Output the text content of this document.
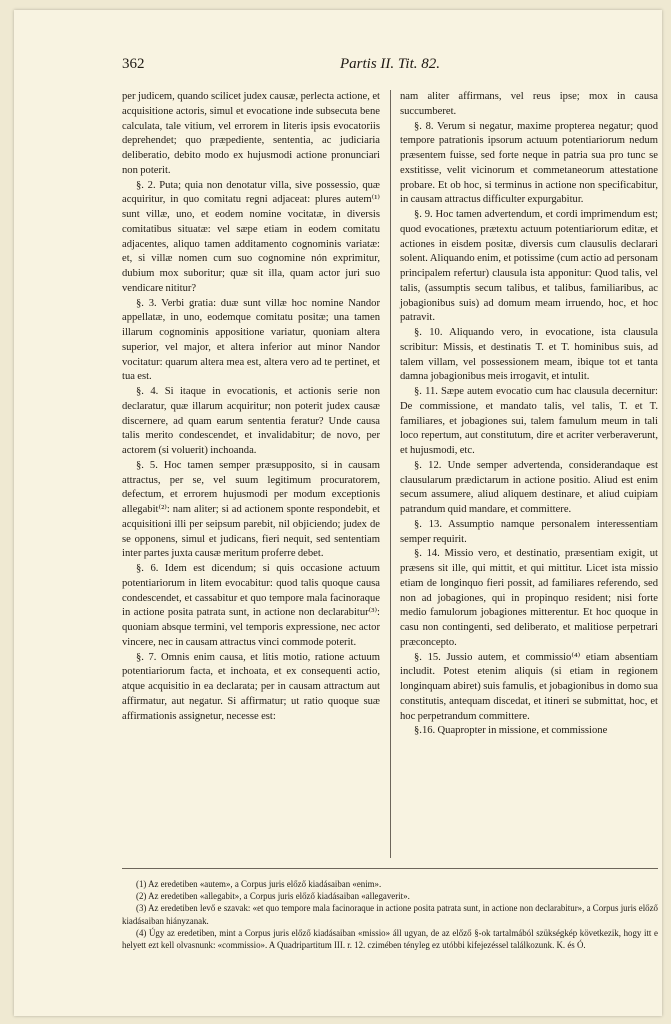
362	Partis II. Tit. 82.

per judicem, quando scilicet judex causæ, perlecta actione, et acquisitione actoris, simul et evocatione inde subsecuta bene calculata, tale vitium, vel errorem in literis ipsis evocatoriis deprehendet; quo præpediente, sententia, ac judiciaria deliberatio, debito modo ex hujusmodi actione pronunciari non poterit.

§. 2. Puta; quia non denotatur villa, sive possessio, quæ acquiritur, in quo comitatu regni adjaceat: plures autem⁽¹⁾ sunt villæ, uno, et eodem nomine vocitatæ, in diversis comitatibus situatæ: vel sæpe etiam in eodem comitatu adjacentes, aliquo tamen additamento cognominis variatæ: et, si villæ nomen cum suo cognomine nón exprimitur, dubium mox suboritur; quæ sit illa, quam actor juri suo vendicare nititur?

§. 3. Verbi gratia: duæ sunt villæ hoc nomine Nandor appellatæ, in uno, eodemque comitatu positæ; una tamen illarum cognominis appositione variatur, quoniam altera superior, vel major, et altera inferior aut minor Nandor vocitatur: quarum altera mea est, altera vero ad te pertinet, et tua est.

§. 4. Si itaque in evocationis, et actionis serie non declaratur, quæ illarum acquiritur; non poterit judex causæ discernere, ad quam earum sententia feratur? Unde causa talis merito condescendet, et invalidabitur; de novo, per actorem (si voluerit) inchoanda.

§. 5. Hoc tamen semper præsupposito, si in causam attractus, per se, vel suum legitimum procuratorem, defectum, et errorem hujusmodi per modum exceptionis allegabit⁽²⁾: nam aliter; si ad actionem sponte respondebit, et acquisitioni illi per seipsum parebit, nil objiciendo; judex de se opponens, simul et judicans, fieri nequit, sed sententiam inter partes juxta causæ meritum proferre debet.

§. 6. Idem est dicendum; si quis occasione actuum potentiariorum in litem evocabitur: quod talis quoque causa condescendet, et cassabitur et quo tempore mala facinoraque in actione posita patrata sunt, in actione non declarabitur⁽³⁾: quoniam absque termini, vel temporis expressione, nec actor vincere, nec in causam attractus vinci commode poterit.

§. 7. Omnis enim causa, et litis motio, ratione actuum potentiariorum facta, et inchoata, et ex consequenti actio, atque acquisitio in ea declarata; per in causam attractum aut affirmatur, aut negatur. Si affirmatur; ut ratio quoque suæ affirmationis assignetur, necesse est:

nam aliter affirmans, vel reus ipse; mox in causa succumberet.

§. 8. Verum si negatur, maxime propterea negatur; quod tempore patrationis ipsorum actuum potentiariorum nedum præsentem fuisse, sed forte neque in patria sua pro tunc se exstitisse, velit vicinorum et commetaneorum attestatione probare. Et ob hoc, si terminus in actione non specificabitur, in causam attractus difficulter expurgabitur.

§. 9. Hoc tamen advertendum, et cordi imprimendum est; quod evocationes, prætextu actuum potentiariorum editæ, et actiones in eisdem positæ, diversis cum clausulis declarari solent. Aliquando enim, et potissime (cum actio ad personam principalem refertur) clausula ista apponitur: Quod talis, vel talis, (assumptis secum talibus, et talibus, familiaribus, ac jobagionibus suis) ad domum meam irruendo, hoc, et hoc patravit.

§. 10. Aliquando vero, in evocatione, ista clausula scribitur: Missis, et destinatis T. et T. hominibus suis, ad talem villam, vel possessionem meam, ibique tot et tanta damna jobagionibus meis irrogavit, et intulit.

§. 11. Sæpe autem evocatio cum hac clausula decernitur: De commissione, et mandato talis, vel talis, T. et T. familiares, et jobagiones sui, talem famulum meum in tali loco repertum, aut constitutum, dire et acriter verberaverunt, et hujusmodi, etc.

§. 12. Unde semper advertenda, considerandaque est clausularum prædictarum in actione positio. Aliud est enim secum assumere, aliud aliquem destinare, et aliud cuipiam patrandum quid mandare, et committere.

§. 13. Assumptio namque personalem interessentiam semper requirit.

§. 14. Missio vero, et destinatio, præsentiam exigit, ut præsens sit ille, qui mittit, et qui mittitur. Licet ista missio etiam de longinquo fieri possit, ad familiares referendo, sed non ad jobagiones, qui in propinquo resident; nisi forte medio famulorum jobagiones mitterentur. Et hoc quoque in casu non contingenti, sed deliberato, et malitiose perpetrari præconcepto.

§. 15. Jussio autem, et commissio⁽⁴⁾ etiam absentiam includit. Potest etenim aliquis (si etiam in regionem longinquam abiret) suis famulis, et jobagionibus in domo sua constitutis, antequam discedat, et itineri se submittat, hoc, et hoc perpetrandum committere.

§.16. Quapropter in missione, et commissione

(1) Az eredetiben «autem», a Corpus juris előző kiadásaiban «enim».

(2) Az eredetiben «allegabit», a Corpus juris előző kiadásaiban «allegaverit».

(3) Az eredetiben levő e szavak: «et quo tempore mala facinoraque in actione posita patrata sunt, in actione non declarabitur», a Corpus juris előző kiadásaiban hiányzanak.

(4) Úgy az eredetiben, mint a Corpus juris előző kiadásaiban «missio» áll ugyan, de az előző §-ok tartalmából szükségkép következik, hogy itt e helyett ezt kell olvasnunk: «commissio». A Quadripartitum III. r. 12. czimében tényleg ez utóbbi kifejezéssel találkozunk. K. és Ó.
